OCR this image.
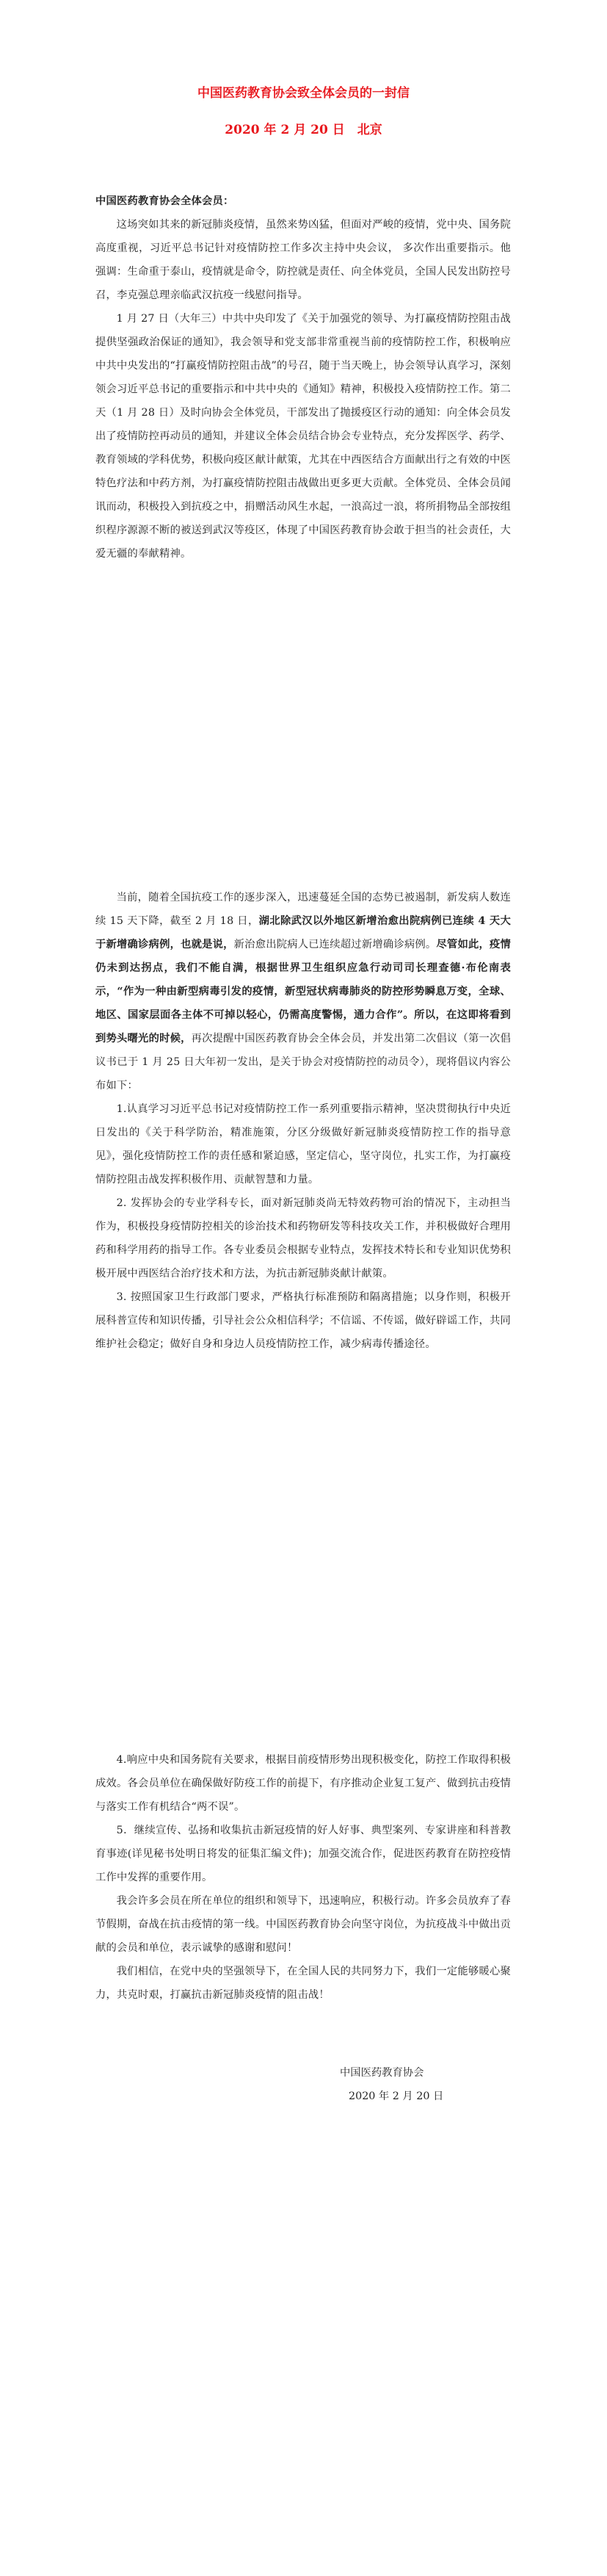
中国医药教育协会致全体会员的一封信
2020 年 2 月 20 日　北京

中国医药教育协会全体会员：

这场突如其来的新冠肺炎疫情，虽然来势凶猛，但面对严峻的疫情，党中央、国务院高度重视，习近平总书记针对疫情防控工作多次主持中央会议， 多次作出重要指示。他强调：生命重于泰山，疫情就是命令，防控就是责任、向全体党员，全国人民发出防控号召，李克强总理亲临武汉抗疫一线慰问指导。

1 月 27 日（大年三）中共中央印发了《关于加强党的领导、为打赢疫情防控阻击战提供坚强政治保证的通知》，我会领导和党支部非常重视当前的疫情防控工作，积极响应中共中央发出的“打赢疫情防控阻击战”的号召，随于当天晚上，协会领导认真学习，深刻领会习近平总书记的重要指示和中共中央的《通知》精神，积极投入疫情防控工作。第二天（1 月 28 日）及时向协会全体党员，干部发出了抛援疫区行动的通知：向全体会员发出了疫情防控再动员的通知，并建议全体会员结合协会专业特点，充分发挥医学、药学、教育领域的学科优势，积极向疫区献计献策，尤其在中西医结合方面献出行之有效的中医特色疗法和中药方剂，为打赢疫情防控阻击战做出更多更大贡献。全体党员、全体会员闻讯而动，积极投入到抗疫之中，捐赠活动风生水起，一浪高过一浪，将所捐物品全部按组织程序源源不断的被送到武汉等疫区，体现了中国医药教育协会敢于担当的社会责任，大爱无疆的奉献精神。

当前，随着全国抗疫工作的逐步深入，迅速蔓延全国的态势已被遏制，新发病人数连续 15 天下降，截至 2 月 18 日，湖北除武汉以外地区新增治愈出院病例已连续 4 天大于新增确诊病例，也就是说，新治愈出院病人已连续超过新增确诊病例。尽管如此，疫情仍未到达拐点，我们不能自满，根据世界卫生组织应急行动司司长理查德·布伦南表示，“作为一种由新型病毒引发的疫情，新型冠状病毒肺炎的防控形势瞬息万变，全球、地区、国家层面各主体不可掉以轻心，仍需高度警惕，通力合作”。所以，在这即将看到到势头曙光的时候，再次提醒中国医药教育协会全体会员，并发出第二次倡议（第一次倡议书已于 1 月 25 日大年初一发出，是关于协会对疫情防控的动员令），现将倡议内容公布如下：

1.认真学习习近平总书记对疫情防控工作一系列重要指示精神，坚决贯彻执行中央近日发出的《关于科学防治，精准施策，分区分级做好新冠肺炎疫情防控工作的指导意见》，强化疫情防控工作的责任感和紧迫感，坚定信心，坚守岗位，扎实工作，为打赢疫情防控阻击战发挥积极作用、贡献智慧和力量。

2. 发挥协会的专业学科专长，面对新冠肺炎尚无特效药物可治的情况下，主动担当作为，积极投身疫情防控相关的诊治技术和药物研发等科技攻关工作，并积极做好合理用药和科学用药的指导工作。各专业委员会根据专业特点，发挥技术特长和专业知识优势积极开展中西医结合治疗技术和方法，为抗击新冠肺炎献计献策。

3. 按照国家卫生行政部门要求，严格执行标准预防和隔离措施；以身作则，积极开展科普宣传和知识传播，引导社会公众相信科学；不信谣、不传谣，做好辟谣工作，共同维护社会稳定；做好自身和身边人员疫情防控工作，减少病毒传播途径。

4.响应中央和国务院有关要求，根据目前疫情形势出现积极变化，防控工作取得积极成效。各会员单位在确保做好防疫工作的前提下，有序推动企业复工复产、做到抗击疫情与落实工作有机结合“两不误”。

5．继续宣传、弘扬和收集抗击新冠疫情的好人好事、典型案列、专家讲座和科普教育事迹(详见秘书处明日将发的征集汇编文件)；加强交流合作，促进医药教育在防控疫情工作中发挥的重要作用。

我会许多会员在所在单位的组织和领导下，迅速响应，积极行动。许多会员放弃了春节假期，奋战在抗击疫情的第一线。中国医药教育协会向坚守岗位，为抗疫战斗中做出贡献的会员和单位，表示诚挚的感谢和慰问！

我们相信，在党中央的坚强领导下，在全国人民的共同努力下，我们一定能够暖心聚力，共克时艰，打赢抗击新冠肺炎疫情的阻击战！

中国医药教育协会
2020 年 2 月 20 日
